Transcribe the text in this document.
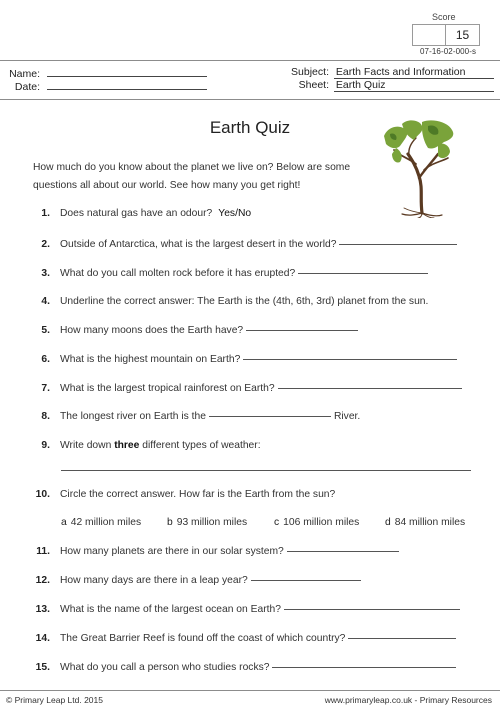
Score
15
07-16-02-000-s
Name:
Date:
Subject: Earth Facts and Information
Sheet: Earth Quiz
Earth Quiz
How much do you know about the planet we live on? Below are some questions all about our world. See how many you get right!
1. Does natural gas have an odour? Yes/No
2. Outside of Antarctica, what is the largest desert in the world?
3. What do you call molten rock before it has erupted?
4. Underline the correct answer: The Earth is the (4th, 6th, 3rd) planet from the sun.
5. How many moons does the Earth have?
6. What is the highest mountain on Earth?
7. What is the largest tropical rainforest on Earth?
8. The longest river on Earth is the	River.
9. Write down three different types of weather:
10. Circle the correct answer. How far is the Earth from the sun?
a 42 million miles	b 93 million miles	c 106 million miles d 84 million miles
11. How many planets are there in our solar system?
12. How many days are there in a leap year?
13. What is the name of the largest ocean on Earth?
14. The Great Barrier Reef is found off the coast of which country?
15. What do you call a person who studies rocks?
© Primary Leap Ltd. 2015	www.primaryleap.co.uk - Primary Resources
